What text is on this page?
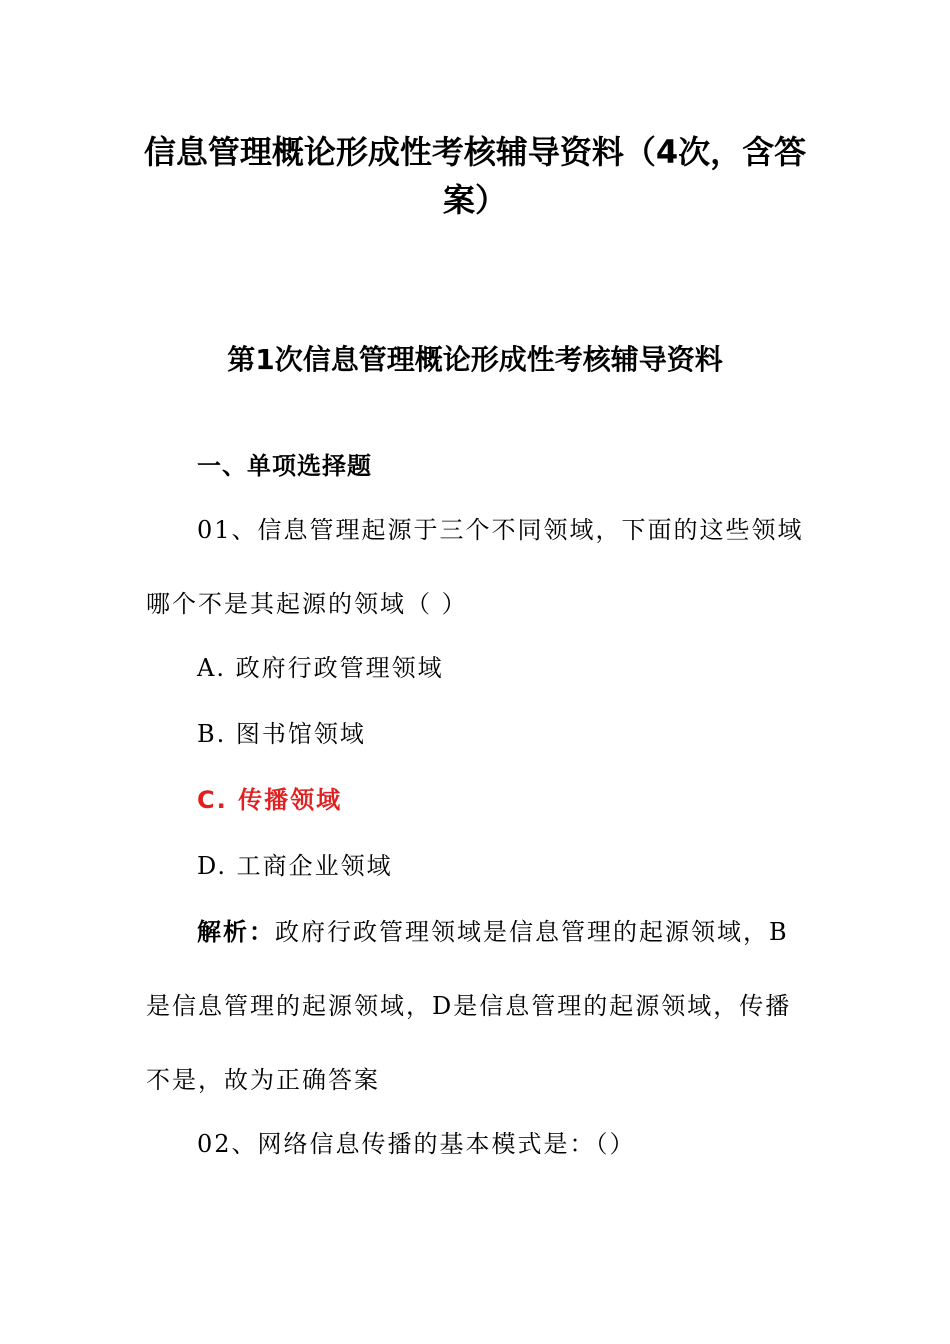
信息管理概论形成性考核辅导资料（4次，含答
案）
第1次信息管理概论形成性考核辅导资料
一、单项选择题
01、信息管理起源于三个不同领域，下面的这些领域
哪个不是其起源的领域（ ）
A. 政府行政管理领域
B. 图书馆领域
C. 传播领域
D. 工商企业领域
解析：政府行政管理领域是信息管理的起源领域，B
是信息管理的起源领域，D是信息管理的起源领域，传播
不是，故为正确答案
02、网络信息传播的基本模式是：（）
